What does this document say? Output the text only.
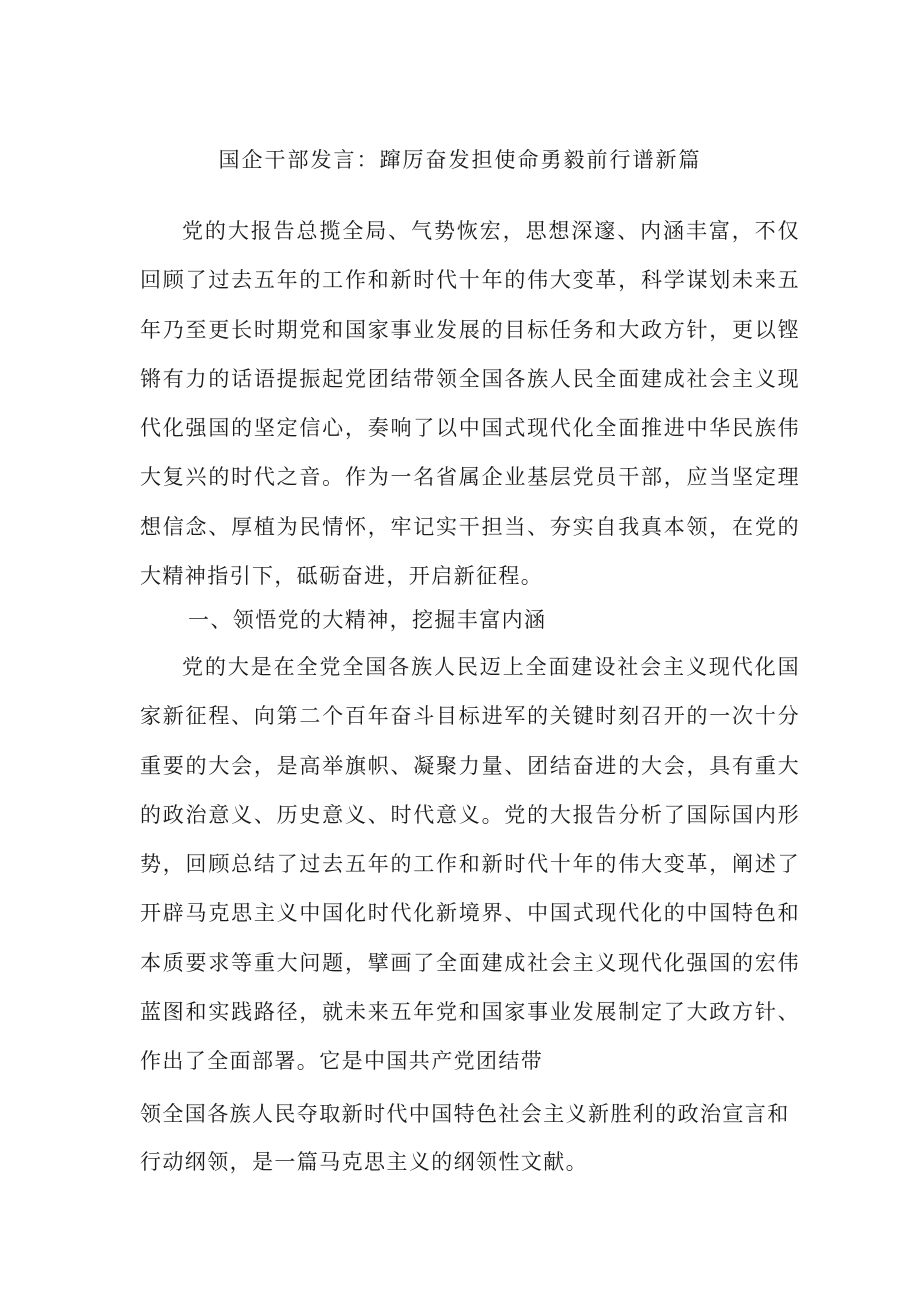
国企干部发言：蹿厉奋发担使命勇毅前行谱新篇

党的大报告总揽全局、气势恢宏，思想深邃、内涵丰富，不仅回顾了过去五年的工作和新时代十年的伟大变革，科学谋划未来五年乃至更长时期党和国家事业发展的目标任务和大政方针，更以铿锵有力的话语提振起党团结带领全国各族人民全面建成社会主义现代化强国的坚定信心，奏响了以中国式现代化全面推进中华民族伟大复兴的时代之音。作为一名省属企业基层党员干部，应当坚定理想信念、厚植为民情怀，牢记实干担当、夯实自我真本领，在党的大精神指引下，砥砺奋进，开启新征程。

一、领悟党的大精神，挖掘丰富内涵

党的大是在全党全国各族人民迈上全面建设社会主义现代化国家新征程、向第二个百年奋斗目标进军的关键时刻召开的一次十分重要的大会，是高举旗帜、凝聚力量、团结奋进的大会，具有重大的政治意义、历史意义、时代意义。党的大报告分析了国际国内形势，回顾总结了过去五年的工作和新时代十年的伟大变革，阐述了开辟马克思主义中国化时代化新境界、中国式现代化的中国特色和本质要求等重大问题，擘画了全面建成社会主义现代化强国的宏伟蓝图和实践路径，就未来五年党和国家事业发展制定了大政方针、作出了全面部署。它是中国共产党团结带

领全国各族人民夺取新时代中国特色社会主义新胜利的政治宣言和行动纲领，是一篇马克思主义的纲领性文献。
